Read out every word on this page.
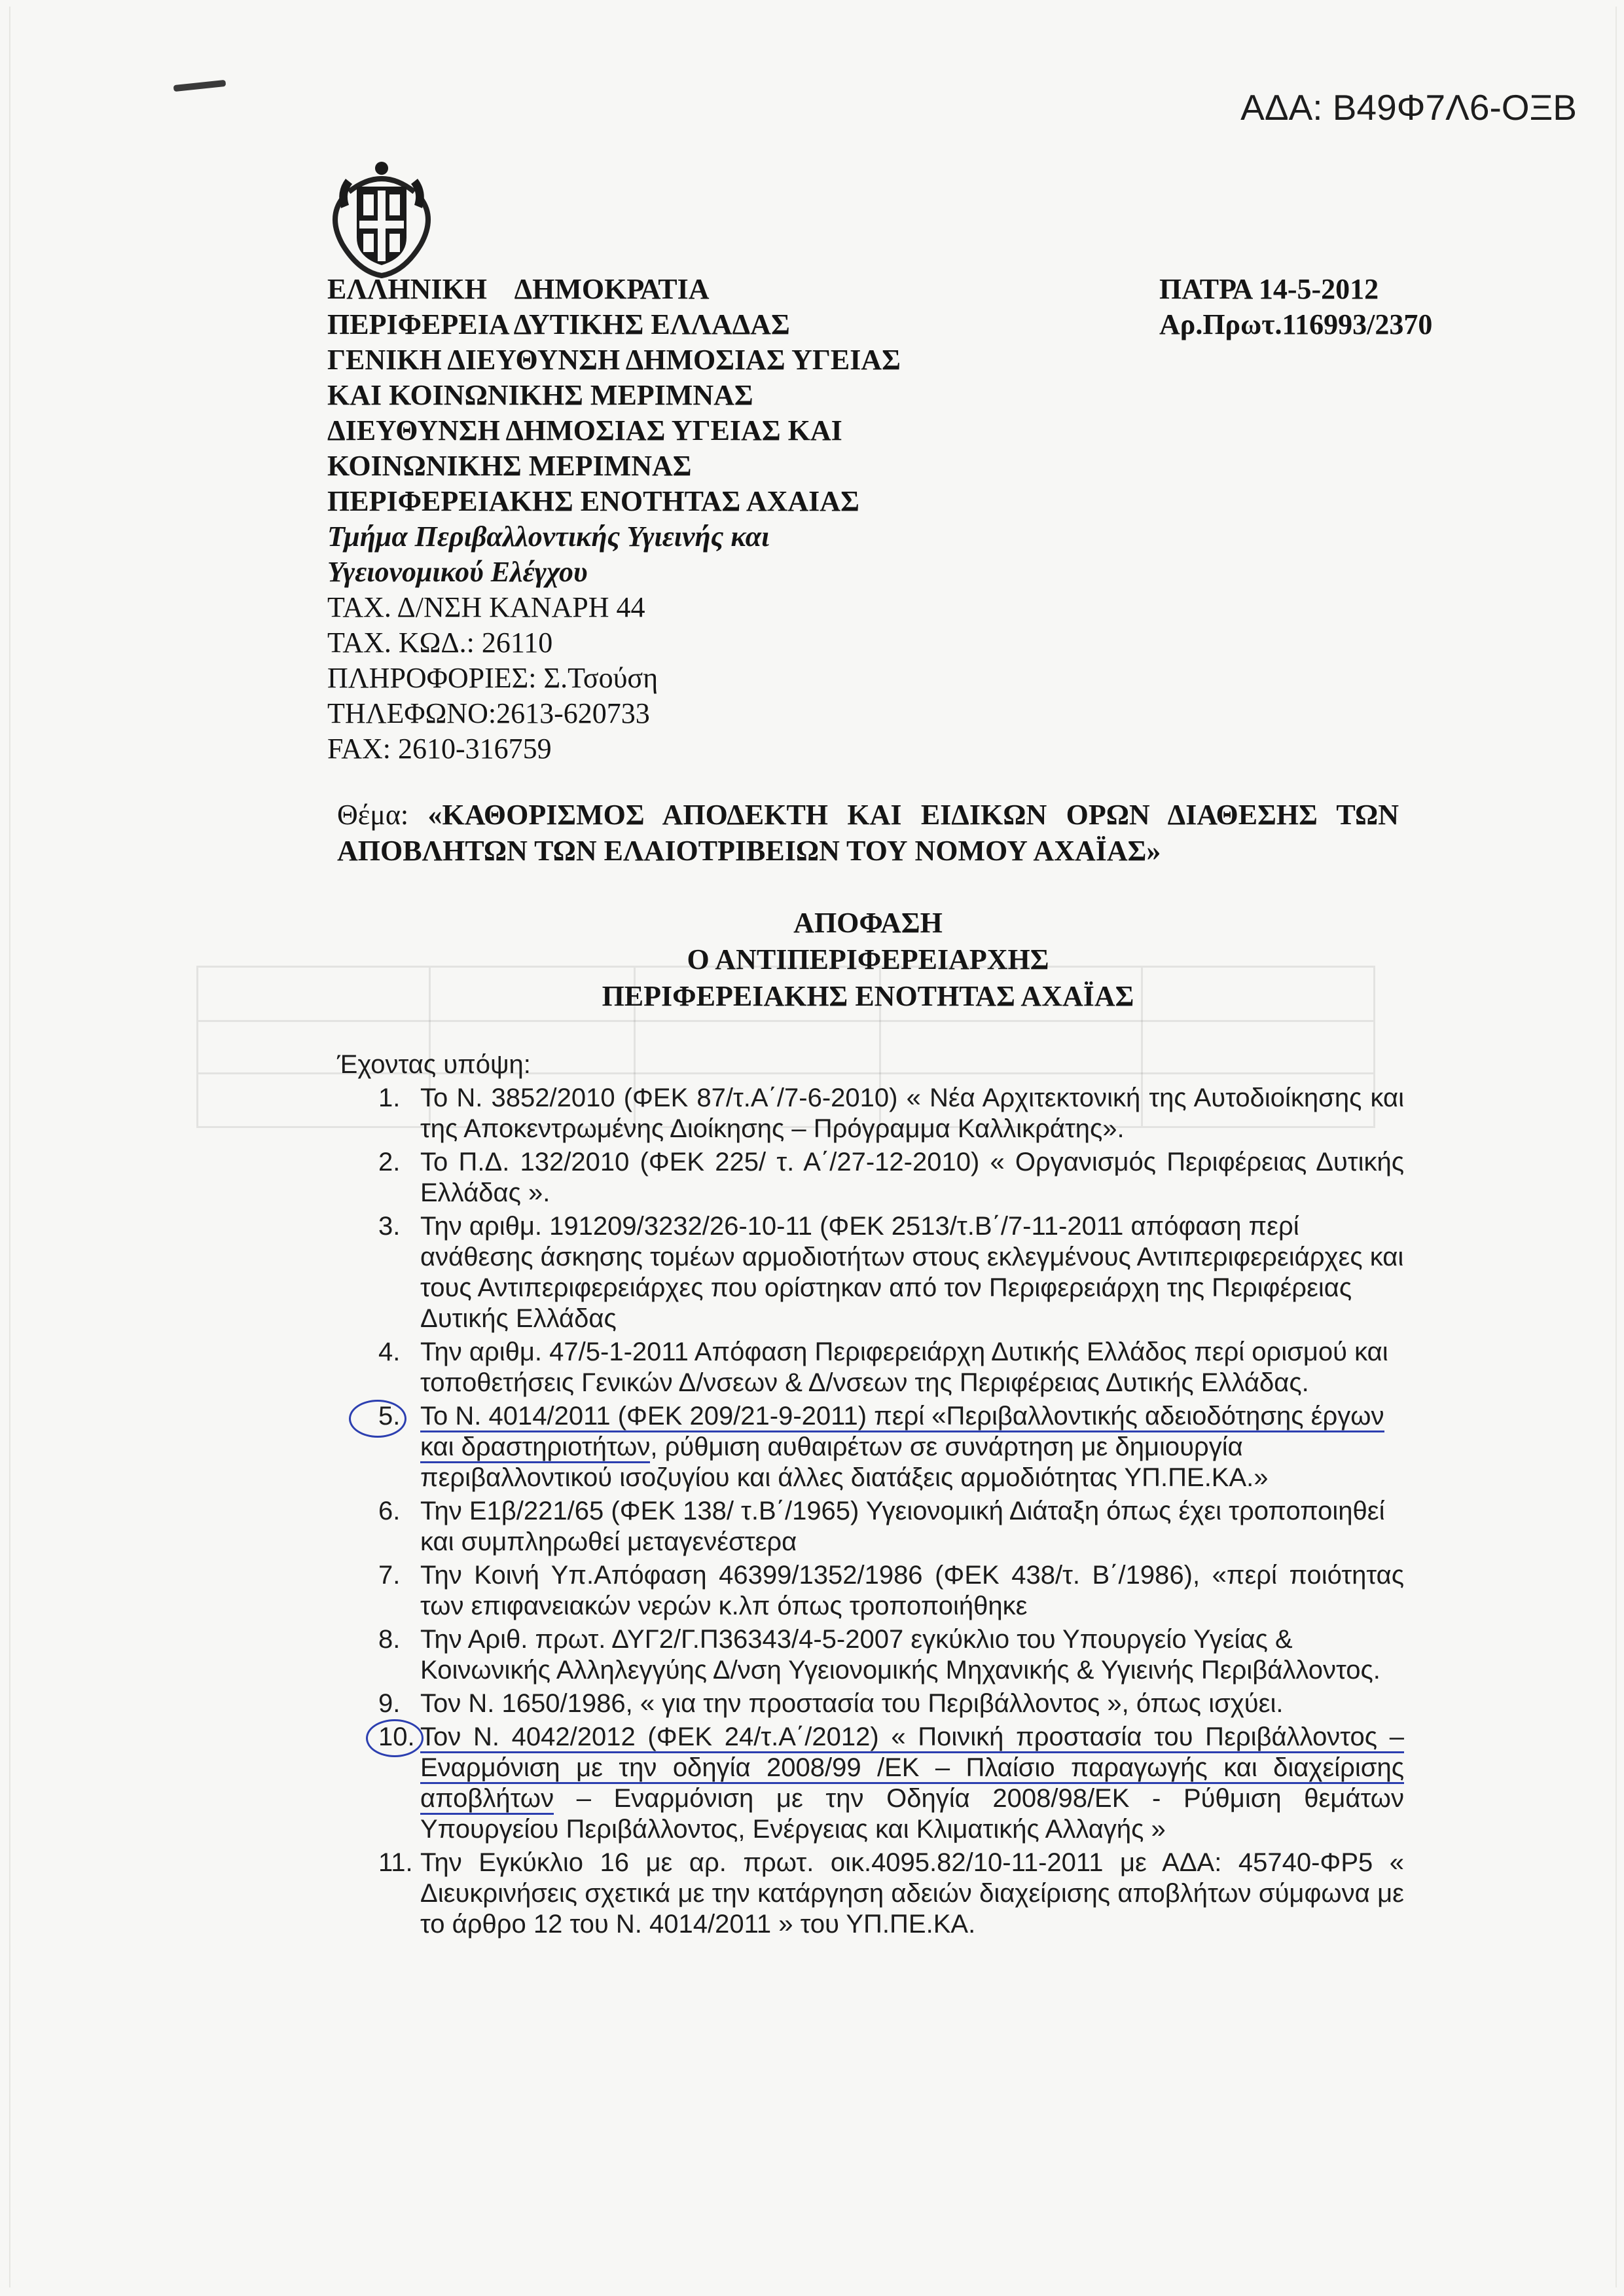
ΑΔΑ: Β49Φ7Λ6-ΟΞΒ
ΕΛΛΗΝΙΚΗ    ΔΗΜΟΚΡΑΤΙΑ
ΠΕΡΙΦΕΡΕΙΑ ΔΥΤΙΚΗΣ ΕΛΛΑΔΑΣ
ΓΕΝΙΚΗ ΔΙΕΥΘΥΝΣΗ ΔΗΜΟΣΙΑΣ ΥΓΕΙΑΣ
ΚΑΙ ΚΟΙΝΩΝΙΚΗΣ ΜΕΡΙΜΝΑΣ
ΔΙΕΥΘΥΝΣΗ ΔΗΜΟΣΙΑΣ ΥΓΕΙΑΣ ΚΑΙ
ΚΟΙΝΩΝΙΚΗΣ ΜΕΡΙΜΝΑΣ
ΠΕΡΙΦΕΡΕΙΑΚΗΣ ΕΝΟΤΗΤΑΣ ΑΧΑΙΑΣ
Τμήμα Περιβαλλοντικής Υγιεινής και
Υγειονομικού Ελέγχου
ΤΑΧ. Δ/ΝΣΗ ΚΑΝΑΡΗ 44
ΤΑΧ. ΚΩΔ.: 26110
ΠΛΗΡΟΦΟΡΙΕΣ: Σ.Τσούση
ΤΗΛΕΦΩΝΟ:2613-620733
FAX: 2610-316759
ΠΑΤΡΑ 14-5-2012
Αρ.Πρωτ.116993/2370
Θέμα: «ΚΑΘΟΡΙΣΜΟΣ ΑΠΟΔΕΚΤΗ ΚΑΙ ΕΙΔΙΚΩΝ ΟΡΩΝ ΔΙΑΘΕΣΗΣ ΤΩΝ ΑΠΟΒΛΗΤΩΝ ΤΩΝ ΕΛΑΙΟΤΡΙΒΕΙΩΝ ΤΟΥ ΝΟΜΟΥ ΑΧΑΪΑΣ»
ΑΠΟΦΑΣΗ
Ο ΑΝΤΙΠΕΡΙΦΕΡΕΙΑΡΧΗΣ
ΠΕΡΙΦΕΡΕΙΑΚΗΣ ΕΝΟΤΗΤΑΣ ΑΧΑΪΑΣ
Έχοντας υπόψη:
1. Το Ν. 3852/2010 (ΦΕΚ 87/τ.Α΄/7-6-2010) « Νέα Αρχιτεκτονική της Αυτοδιοίκησης και της Αποκεντρωμένης Διοίκησης – Πρόγραμμα Καλλικράτης».
2. Το Π.Δ. 132/2010 (ΦΕΚ 225/ τ. Α΄/27-12-2010) « Οργανισμός Περιφέρειας Δυτικής Ελλάδας ».
3. Την αριθμ. 191209/3232/26-10-11 (ΦΕΚ 2513/τ.Β΄/7-11-2011 απόφαση περί ανάθεσης άσκησης τομέων αρμοδιοτήτων στους εκλεγμένους Αντιπεριφερειάρχες και τους Αντιπεριφερειάρχες που ορίστηκαν από τον Περιφερειάρχη της Περιφέρειας Δυτικής Ελλάδας
4. Την αριθμ. 47/5-1-2011 Απόφαση Περιφερειάρχη Δυτικής Ελλάδος περί ορισμού και τοποθετήσεις Γενικών Δ/νσεων & Δ/νσεων της Περιφέρειας Δυτικής Ελλάδας.
5. Το Ν. 4014/2011 (ΦΕΚ 209/21-9-2011) περί «Περιβαλλοντικής αδειοδότησης έργων και δραστηριοτήτων, ρύθμιση αυθαιρέτων σε συνάρτηση με δημιουργία περιβαλλοντικού ισοζυγίου και άλλες διατάξεις αρμοδιότητας ΥΠ.ΠΕ.ΚΑ.»
6. Την Ε1β/221/65 (ΦΕΚ 138/ τ.Β΄/1965) Υγειονομική Διάταξη όπως έχει τροποποιηθεί και συμπληρωθεί μεταγενέστερα
7. Την Κοινή Υπ.Απόφαση 46399/1352/1986 (ΦΕΚ 438/τ. Β΄/1986), «περί ποιότητας των επιφανειακών νερών κ.λπ όπως τροποποιήθηκε
8. Την Αριθ. πρωτ. ΔΥΓ2/Γ.Π36343/4-5-2007 εγκύκλιο του Υπουργείο Υγείας & Κοινωνικής Αλληλεγγύης Δ/νση Υγειονομικής Μηχανικής & Υγιεινής Περιβάλλοντος.
9. Τον Ν. 1650/1986, « για την προστασία του Περιβάλλοντος », όπως ισχύει.
10. Τον Ν. 4042/2012 (ΦΕΚ 24/τ.Α΄/2012) « Ποινική προστασία του Περιβάλλοντος – Εναρμόνιση με την οδηγία 2008/99 /ΕΚ – Πλαίσιο παραγωγής και διαχείρισης αποβλήτων – Εναρμόνιση με την Οδηγία 2008/98/ΕΚ - Ρύθμιση θεμάτων Υπουργείου Περιβάλλοντος, Ενέργειας και Κλιματικής Αλλαγής »
11. Την Εγκύκλιο 16 με αρ. πρωτ. οικ.4095.82/10-11-2011 με ΑΔΑ: 45740-ΦΡ5 « Διευκρινήσεις σχετικά με την κατάργηση αδειών διαχείρισης αποβλήτων σύμφωνα με το άρθρο 12 του Ν. 4014/2011 » του ΥΠ.ΠΕ.ΚΑ.
